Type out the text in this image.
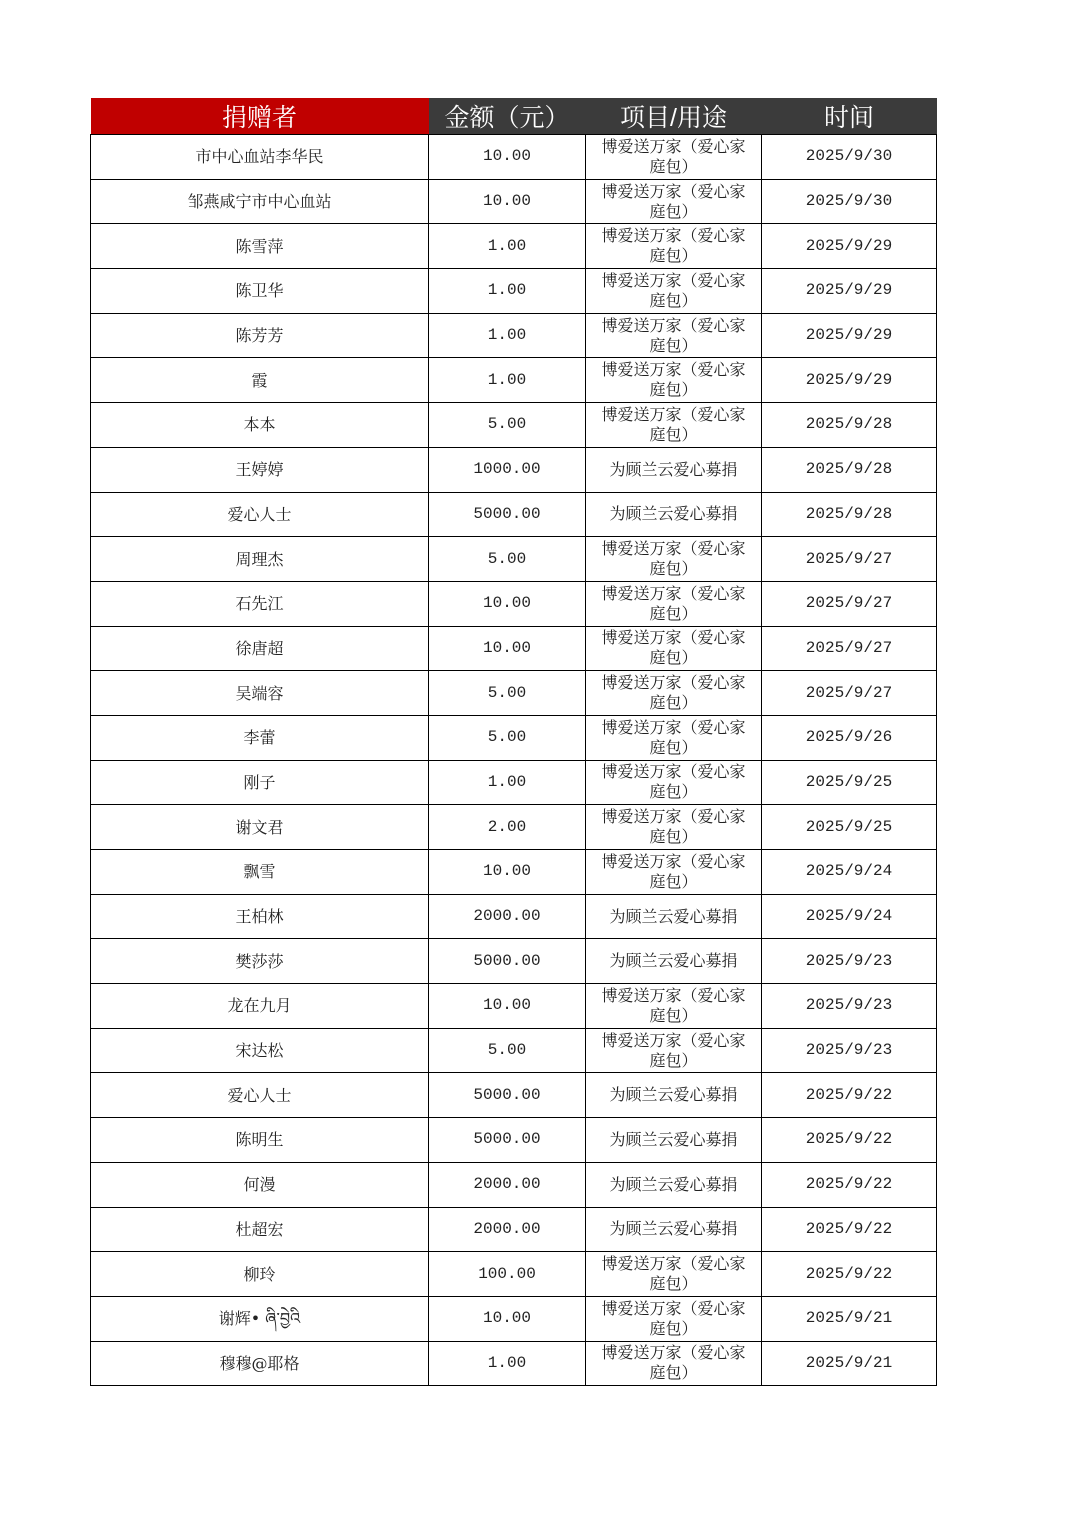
捐赠者	金额（元）	项目/用途	时间
市中心血站李华民	10.00	博爱送万家（爱心家庭包）	2025/9/30
邹燕咸宁市中心血站	10.00	博爱送万家（爱心家庭包）	2025/9/30
陈雪萍	1.00	博爱送万家（爱心家庭包）	2025/9/29
陈卫华	1.00	博爱送万家（爱心家庭包）	2025/9/29
陈芳芳	1.00	博爱送万家（爱心家庭包）	2025/9/29
霞	1.00	博爱送万家（爱心家庭包）	2025/9/29
本本	5.00	博爱送万家（爱心家庭包）	2025/9/28
王婷婷	1000.00	为顾兰云爱心募捐	2025/9/28
爱心人士	5000.00	为顾兰云爱心募捐	2025/9/28
周理杰	5.00	博爱送万家（爱心家庭包）	2025/9/27
石先江	10.00	博爱送万家（爱心家庭包）	2025/9/27
徐唐超	10.00	博爱送万家（爱心家庭包）	2025/9/27
吴端容	5.00	博爱送万家（爱心家庭包）	2025/9/27
李蕾	5.00	博爱送万家（爱心家庭包）	2025/9/26
刚子	1.00	博爱送万家（爱心家庭包）	2025/9/25
谢文君	2.00	博爱送万家（爱心家庭包）	2025/9/25
飘雪	10.00	博爱送万家（爱心家庭包）	2025/9/24
王柏林	2000.00	为顾兰云爱心募捐	2025/9/24
樊莎莎	5000.00	为顾兰云爱心募捐	2025/9/23
龙在九月	10.00	博爱送万家（爱心家庭包）	2025/9/23
宋达松	5.00	博爱送万家（爱心家庭包）	2025/9/23
爱心人士	5000.00	为顾兰云爱心募捐	2025/9/22
陈明生	5000.00	为顾兰云爱心募捐	2025/9/22
何漫	2000.00	为顾兰云爱心募捐	2025/9/22
杜超宏	2000.00	为顾兰云爱心募捐	2025/9/22
柳玲	100.00	博爱送万家（爱心家庭包）	2025/9/22
谢辉• ཞི་བྱེའི	10.00	博爱送万家（爱心家庭包）	2025/9/21
穆穆@耶格	1.00	博爱送万家（爱心家庭包）	2025/9/21
